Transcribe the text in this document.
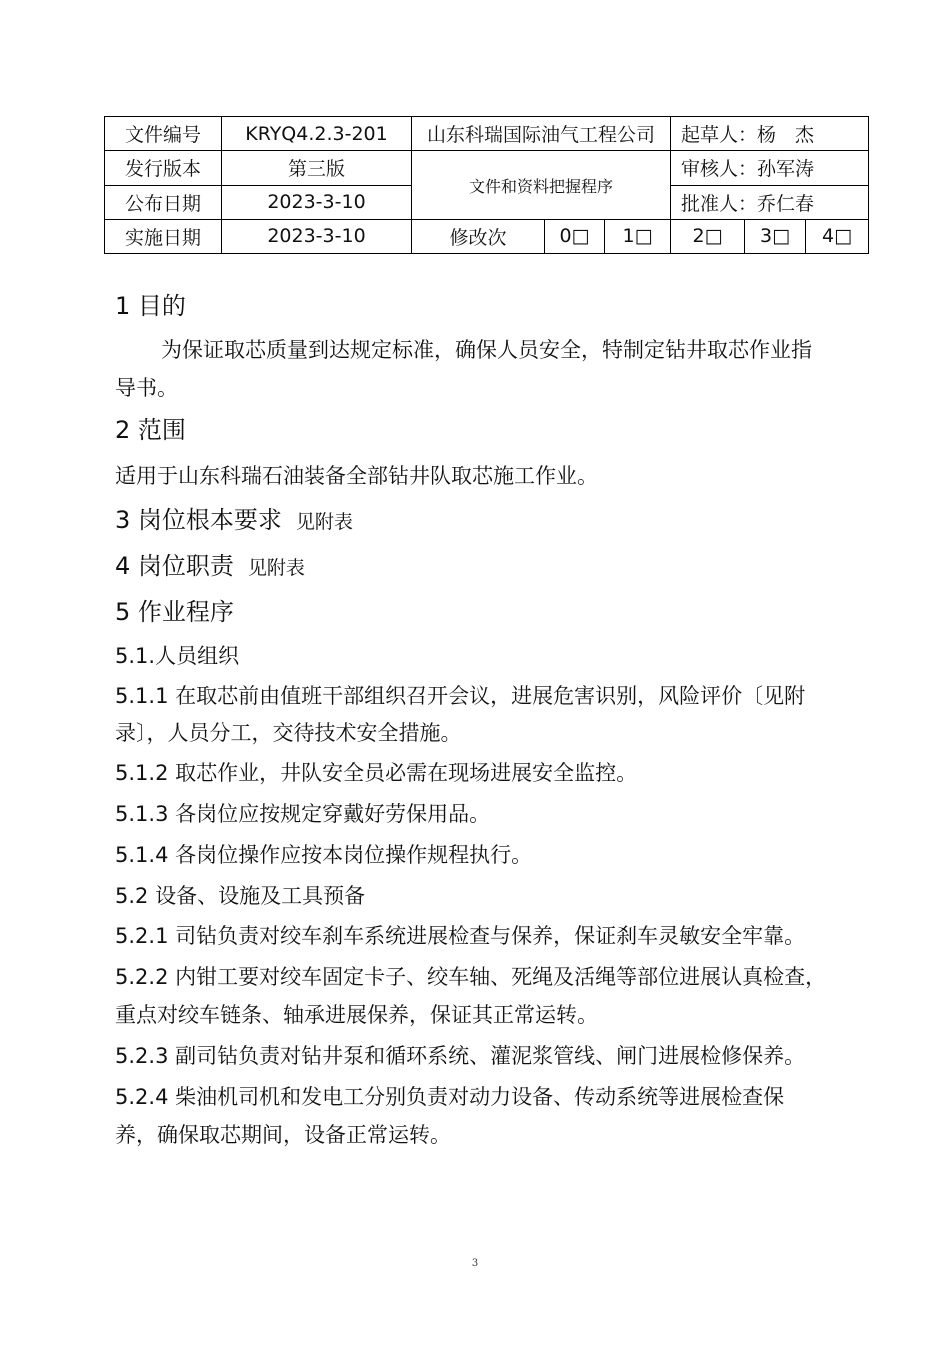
文件编号	KRYQ4.2.3-201	山东科瑞国际油气工程公司			起草人：杨　杰		
发行版本	第三版	文件和资料把握程序			审核人：孙军涛		
公布日期	2023-3-10				批准人：乔仁春		
实施日期	2023-3-10	修改次	0□	1□	2□	3□	4□
1 目的
为保证取芯质量到达规定标准，确保人员安全，特制定钻井取芯作业指
导书。
2 范围
适用于山东科瑞石油装备全部钻井队取芯施工作业。
3 岗位根本要求 见附表
4 岗位职责 见附表
5 作业程序
5.1.人员组织
5.1.1 在取芯前由值班干部组织召开会议，进展危害识别，风险评价〔见附
录〕，人员分工，交待技术安全措施。
5.1.2 取芯作业，井队安全员必需在现场进展安全监控。
5.1.3 各岗位应按规定穿戴好劳保用品。
5.1.4 各岗位操作应按本岗位操作规程执行。
5.2 设备、设施及工具预备
5.2.1 司钻负责对绞车刹车系统进展检查与保养，保证刹车灵敏安全牢靠。
5.2.2 内钳工要对绞车固定卡子、绞车轴、死绳及活绳等部位进展认真检查，
重点对绞车链条、轴承进展保养，保证其正常运转。
5.2.3 副司钻负责对钻井泵和循环系统、灌泥浆管线、闸门进展检修保养。
5.2.4 柴油机司机和发电工分别负责对动力设备、传动系统等进展检查保
养，确保取芯期间，设备正常运转。
3
